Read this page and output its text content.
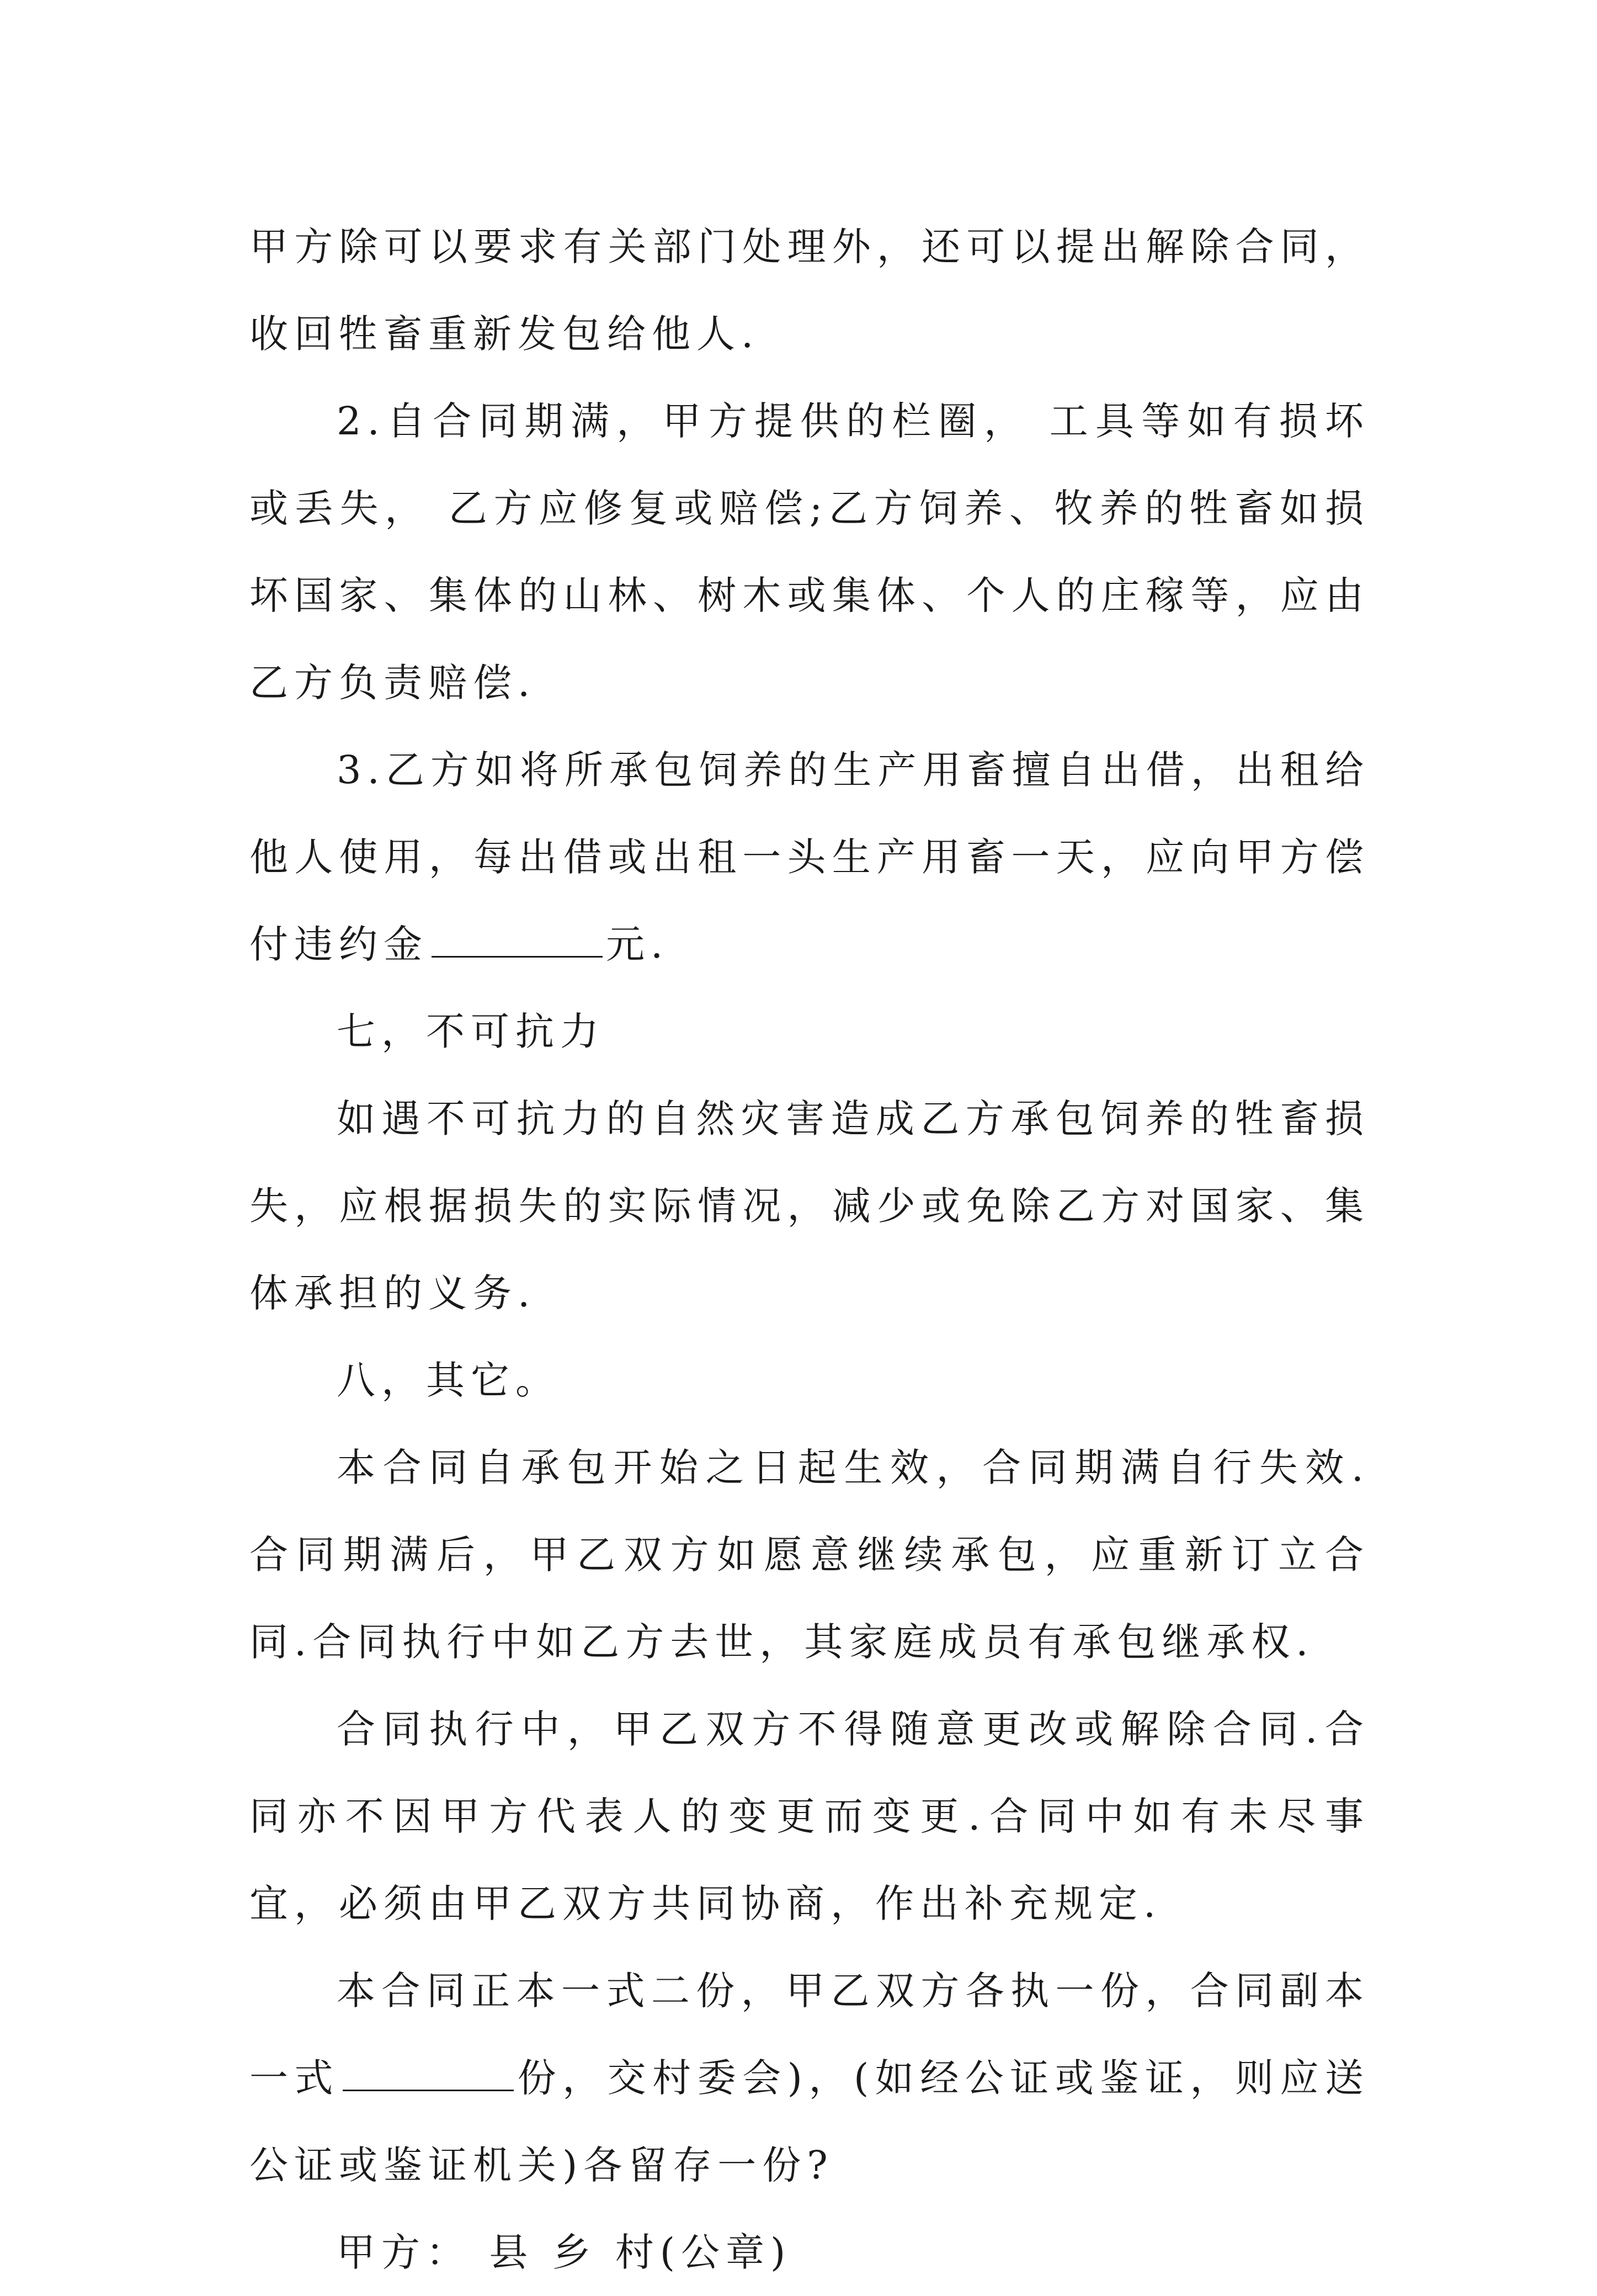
甲方除可以要求有关部门处理外，还可以提出解除合同，收回牲畜重新发包给他人.

2.自合同期满，甲方提供的栏圈， 工具等如有损坏或丢失， 乙方应修复或赔偿;乙方饲养、牧养的牲畜如损坏国家、集体的山林、树木或集体、个人的庄稼等，应由乙方负责赔偿.

3.乙方如将所承包饲养的生产用畜擅自出借，出租给他人使用，每出借或出租一头生产用畜一天，应向甲方偿付违约金	元.

七，不可抗力

如遇不可抗力的自然灾害造成乙方承包饲养的牲畜损失，应根据损失的实际情况，减少或免除乙方对国家、集体承担的义务.

八，其它。

本合同自承包开始之日起生效，合同期满自行失效.合同期满后，甲乙双方如愿意继续承包，应重新订立合同.合同执行中如乙方去世，其家庭成员有承包继承权.

合同执行中，甲乙双方不得随意更改或解除合同.合同亦不因甲方代表人的变更而变更.合同中如有未尽事宜，必须由甲乙双方共同协商，作出补充规定.

本合同正本一式二份，甲乙双方各执一份，合同副本一式	份，交村委会)，(如经公证或鉴证，则应送公证或鉴证机关)各留存一份?

甲方： 县 乡 村(公章)
